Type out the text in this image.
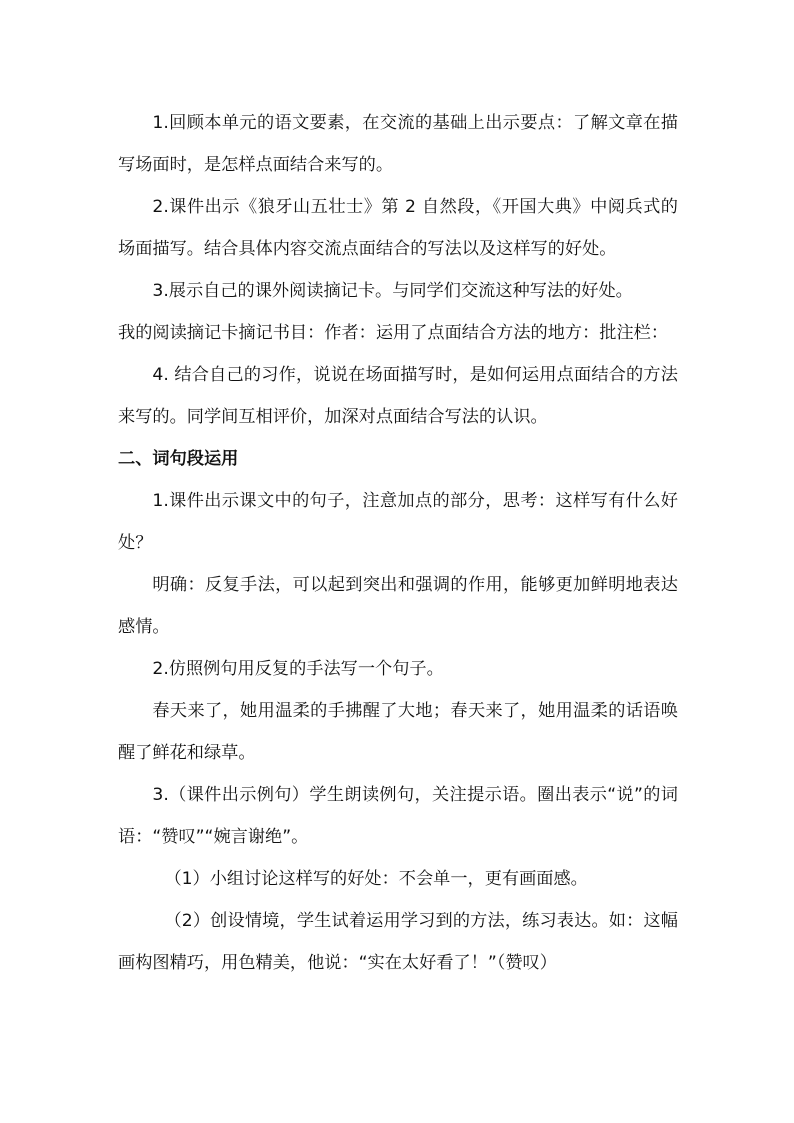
1.回顾本单元的语文要素，在交流的基础上出示要点：了解文章在描写场面时，是怎样点面结合来写的。

2.课件出示《狼牙山五壮士》第 2 自然段，《开国大典》中阅兵式的场面描写。结合具体内容交流点面结合的写法以及这样写的好处。

3.展示自己的课外阅读摘记卡。与同学们交流这种写法的好处。

我的阅读摘记卡摘记书目：作者：运用了点面结合方法的地方：批注栏：

4. 结合自己的习作，说说在场面描写时，是如何运用点面结合的方法来写的。同学间互相评价，加深对点面结合写法的认识。

二、词句段运用

1.课件出示课文中的句子，注意加点的部分，思考：这样写有什么好处？

明确：反复手法，可以起到突出和强调的作用，能够更加鲜明地表达感情。

2.仿照例句用反复的手法写一个句子。

春天来了，她用温柔的手拂醒了大地；春天来了，她用温柔的话语唤醒了鲜花和绿草。

3.（课件出示例句）学生朗读例句，关注提示语。圈出表示“说”的词语：“赞叹”“婉言谢绝”。

（1）小组讨论这样写的好处：不会单一，更有画面感。

（2）创设情境，学生试着运用学习到的方法，练习表达。如：这幅画构图精巧，用色精美，他说：“实在太好看了！”（赞叹）
